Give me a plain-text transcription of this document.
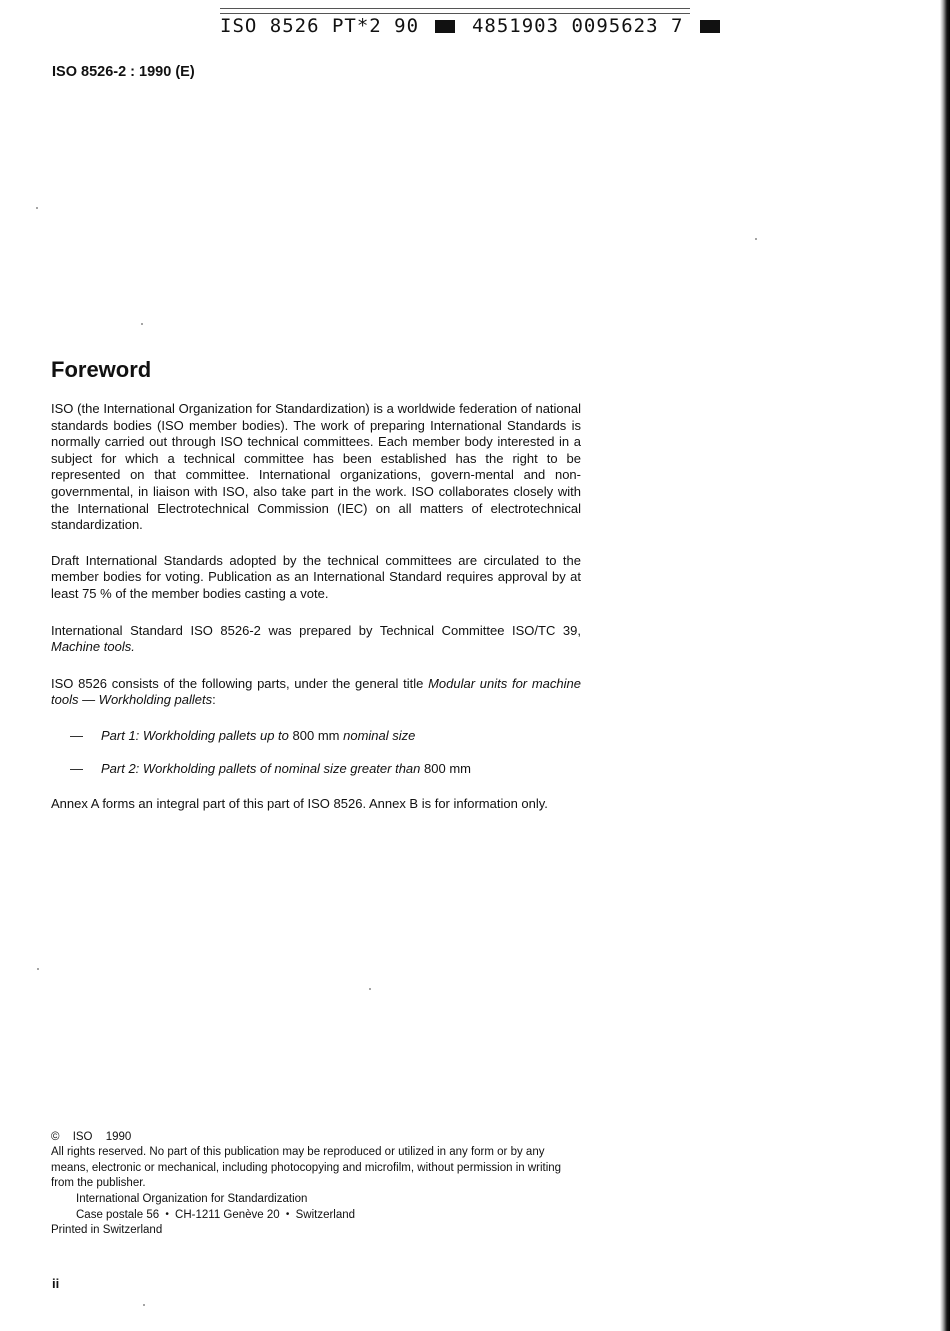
ISO 8526 PT*2 90	4851903 0095623 7
ISO 8526-2 : 1990 (E)
Foreword

ISO (the International Organization for Standardization) is a worldwide federation of national standards bodies (ISO member bodies). The work of preparing International Standards is normally carried out through ISO technical committees. Each member body interested in a subject for which a technical committee has been established has the right to be represented on that committee. International organizations, govern-mental and non-governmental, in liaison with ISO, also take part in the work. ISO collaborates closely with the International Electrotechnical Commission (IEC) on all matters of electrotechnical standardization.

Draft International Standards adopted by the technical committees are circulated to the member bodies for voting. Publication as an International Standard requires approval by at least 75 % of the member bodies casting a vote.

International Standard ISO 8526-2 was prepared by Technical Committee ISO/TC 39, Machine tools.

ISO 8526 consists of the following parts, under the general title Modular units for machine tools — Workholding pallets:

—	Part 1: Workholding pallets up to 800 mm nominal size
—	Part 2: Workholding pallets of nominal size greater than 800 mm

Annex A forms an integral part of this part of ISO 8526. Annex B is for information only.

© ISO 1990

All rights reserved. No part of this publication may be reproduced or utilized in any form or by any means, electronic or mechanical, including photocopying and microfilm, without permission in writing from the publisher.

International Organization for Standardization

Case postale 56 • CH-1211 Genève 20 • Switzerland

Printed in Switzerland

ii
